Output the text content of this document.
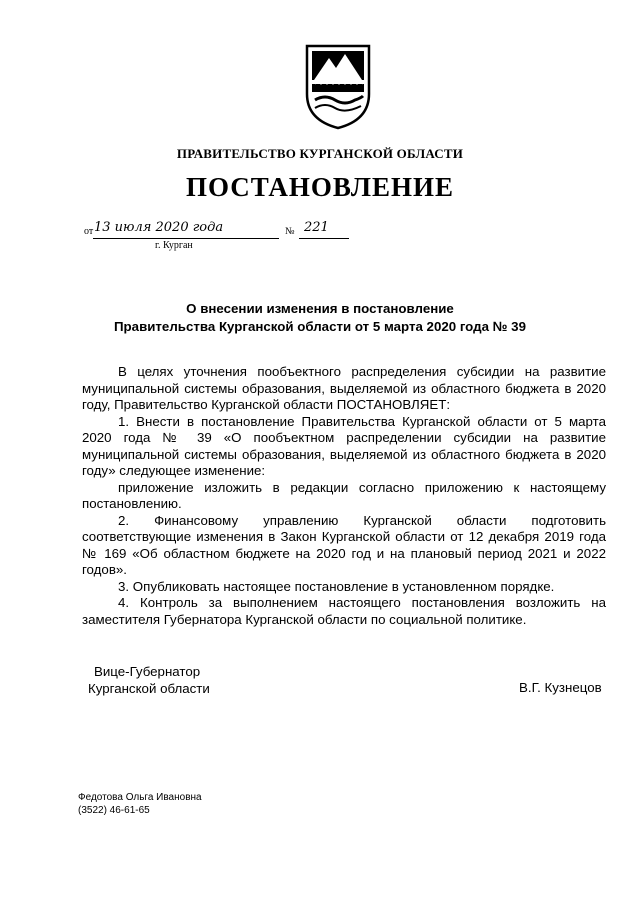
ПРАВИТЕЛЬСТВО КУРГАНСКОЙ ОБЛАСТИ
ПОСТАНОВЛЕНИЕ
от 13 июля 2020 года	№ 221
г. Курган
О внесении изменения в постановление
Правительства Курганской области от 5 марта 2020 года № 39

В целях уточнения пообъектного распределения субсидии на развитие муниципальной системы образования, выделяемой из областного бюджета в 2020 году, Правительство Курганской области ПОСТАНОВЛЯЕТ:

1. Внести в постановление Правительства Курганской области от 5 марта 2020 года № 39 «О пообъектном распределении субсидии на развитие муниципальной системы образования, выделяемой из областного бюджета в 2020 году» следующее изменение:

приложение изложить в редакции согласно приложению к настоящему постановлению.

2. Финансовому управлению Курганской области подготовить соответствующие изменения в Закон Курганской области от 12 декабря 2019 года № 169 «Об областном бюджете на 2020 год и на плановый период 2021 и 2022 годов».

3. Опубликовать настоящее постановление в установленном порядке.

4. Контроль за выполнением настоящего постановления возложить на заместителя Губернатора Курганской области по социальной политике.

Вице-Губернатор
Курганской области	В.Г. Кузнецов
Федотова Ольга Ивановна
(3522) 46-61-65
